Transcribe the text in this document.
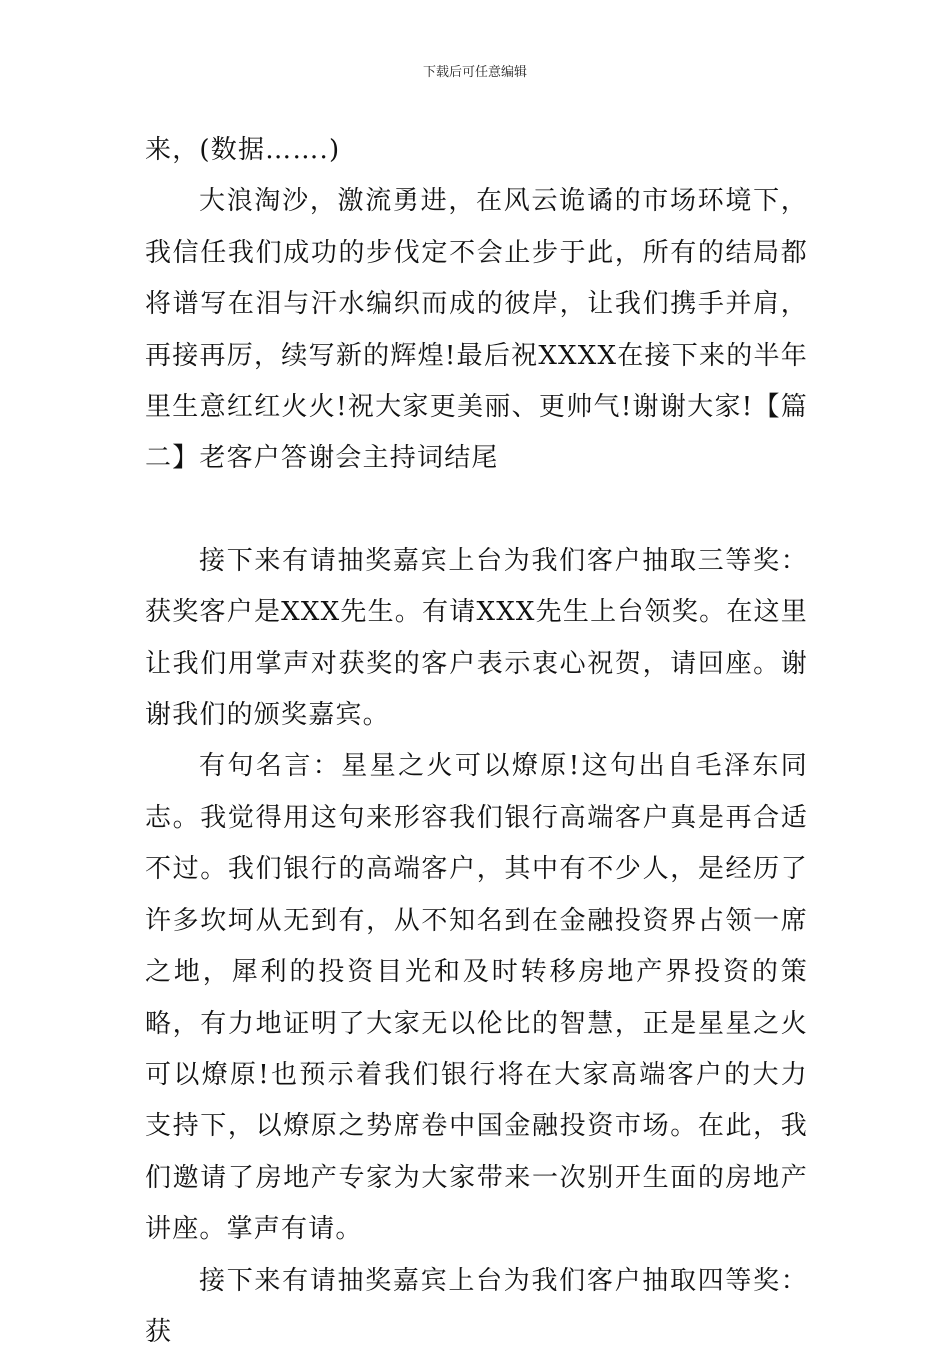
下载后可任意编辑

来，(数据…….)

大浪淘沙，激流勇进，在风云诡谲的市场环境下，我信任我们成功的步伐定不会止步于此，所有的结局都将谱写在泪与汗水编织而成的彼岸，让我们携手并肩，再接再厉，续写新的辉煌!最后祝XXXX在接下来的半年里生意红红火火!祝大家更美丽、更帅气!谢谢大家!【篇二】老客户答谢会主持词结尾

接下来有请抽奖嘉宾上台为我们客户抽取三等奖：获奖客户是XXX先生。有请XXX先生上台领奖。在这里让我们用掌声对获奖的客户表示衷心祝贺，请回座。谢谢我们的颁奖嘉宾。

有句名言：星星之火可以燎原!这句出自毛泽东同志。我觉得用这句来形容我们银行高端客户真是再合适不过。我们银行的高端客户，其中有不少人，是经历了许多坎坷从无到有，从不知名到在金融投资界占领一席之地，犀利的投资目光和及时转移房地产界投资的策略，有力地证明了大家无以伦比的智慧，正是星星之火可以燎原!也预示着我们银行将在大家高端客户的大力支持下，以燎原之势席卷中国金融投资市场。在此，我们邀请了房地产专家为大家带来一次别开生面的房地产讲座。掌声有请。

接下来有请抽奖嘉宾上台为我们客户抽取四等奖：获
